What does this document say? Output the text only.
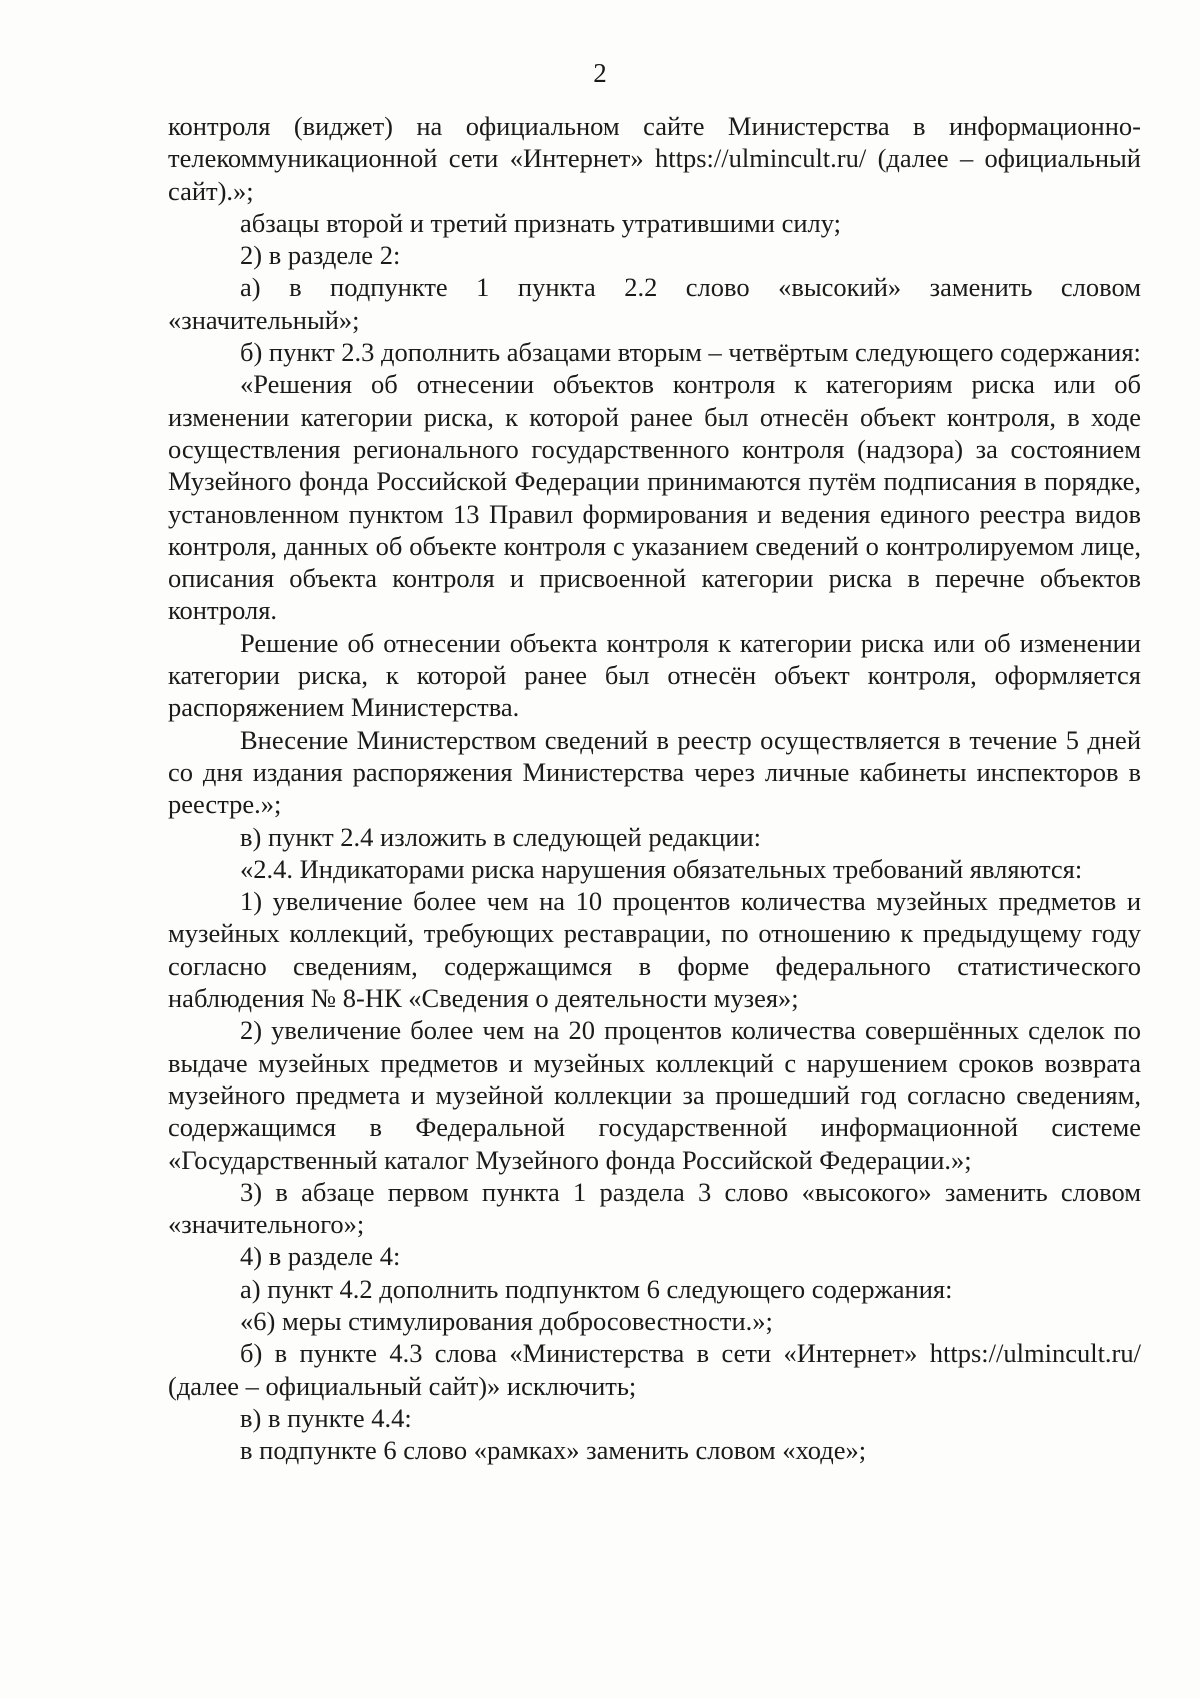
2

контроля (виджет) на официальном сайте Министерства в информационно-телекоммуникационной сети «Интернет» https://ulmincult.ru/ (далее – официальный сайт).»;

абзацы второй и третий признать утратившими силу;

2) в разделе 2:

а) в подпункте 1 пункта 2.2 слово «высокий» заменить словом «значительный»;

б) пункт 2.3 дополнить абзацами вторым – четвёртым следующего содержания:

«Решения об отнесении объектов контроля к категориям риска или об изменении категории риска, к которой ранее был отнесён объект контроля, в ходе осуществления регионального государственного контроля (надзора) за состоянием Музейного фонда Российской Федерации принимаются путём подписания в порядке, установленном пунктом 13 Правил формирования и ведения единого реестра видов контроля, данных об объекте контроля с указанием сведений о контролируемом лице, описания объекта контроля и присвоенной категории риска в перечне объектов контроля.

Решение об отнесении объекта контроля к категории риска или об изменении категории риска, к которой ранее был отнесён объект контроля, оформляется распоряжением Министерства.

Внесение Министерством сведений в реестр осуществляется в течение 5 дней со дня издания распоряжения Министерства через личные кабинеты инспекторов в реестре.»;

в) пункт 2.4 изложить в следующей редакции:

«2.4. Индикаторами риска нарушения обязательных требований являются:

1) увеличение более чем на 10 процентов количества музейных предметов и музейных коллекций, требующих реставрации, по отношению к предыдущему году согласно сведениям, содержащимся в форме федерального статистического наблюдения № 8-НК «Сведения о деятельности музея»;

2) увеличение более чем на 20 процентов количества совершённых сделок по выдаче музейных предметов и музейных коллекций с нарушением сроков возврата музейного предмета и музейной коллекции за прошедший год согласно сведениям, содержащимся в Федеральной государственной информационной системе «Государственный каталог Музейного фонда Российской Федерации.»;

3) в абзаце первом пункта 1 раздела 3 слово «высокого» заменить словом «значительного»;

4) в разделе 4:

а) пункт 4.2 дополнить подпунктом 6 следующего содержания:

«6) меры стимулирования добросовестности.»;

б) в пункте 4.3 слова «Министерства в сети «Интернет» https://ulmincult.ru/ (далее – официальный сайт)» исключить;

в) в пункте 4.4:

в подпункте 6 слово «рамках» заменить словом «ходе»;
